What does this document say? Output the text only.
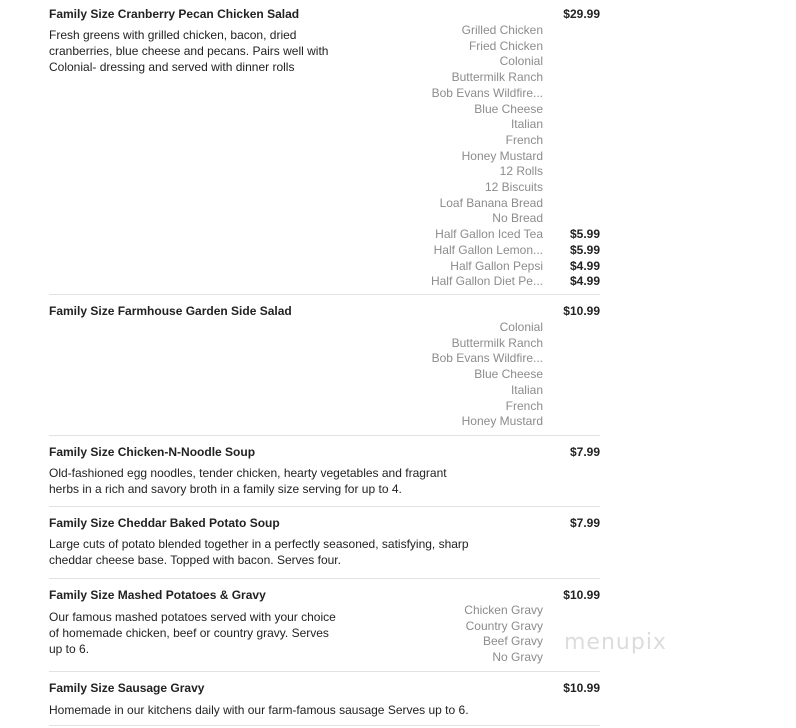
Family Size Cranberry Pecan Chicken Salad	$29.99
Fresh greens with grilled chicken, bacon, dried
cranberries, blue cheese and pecans. Pairs well with
Colonial- dressing and served with dinner rolls
Grilled Chicken
Fried Chicken
Colonial
Buttermilk Ranch
Bob Evans Wildfire...
Blue Cheese
Italian
French
Honey Mustard
12 Rolls
12 Biscuits
Loaf Banana Bread
No Bread
Half Gallon Iced Tea	$5.99
Half Gallon Lemon...	$5.99
Half Gallon Pepsi	$4.99
Half Gallon Diet Pe...	$4.99
Family Size Farmhouse Garden Side Salad	$10.99
Colonial
Buttermilk Ranch
Bob Evans Wildfire...
Blue Cheese
Italian
French
Honey Mustard
Family Size Chicken-N-Noodle Soup	$7.99
Old-fashioned egg noodles, tender chicken, hearty vegetables and fragrant
herbs in a rich and savory broth in a family size serving for up to 4.
Family Size Cheddar Baked Potato Soup	$7.99
Large cuts of potato blended together in a perfectly seasoned, satisfying, sharp
cheddar cheese base. Topped with bacon. Serves four.
Family Size Mashed Potatoes & Gravy	$10.99
Our famous mashed potatoes served with your choice
of homemade chicken, beef or country gravy. Serves
up to 6.
Chicken Gravy
Country Gravy
Beef Gravy
No Gravy
Family Size Sausage Gravy	$10.99
Homemade in our kitchens daily with our farm-famous sausage Serves up to 6.
menupix
